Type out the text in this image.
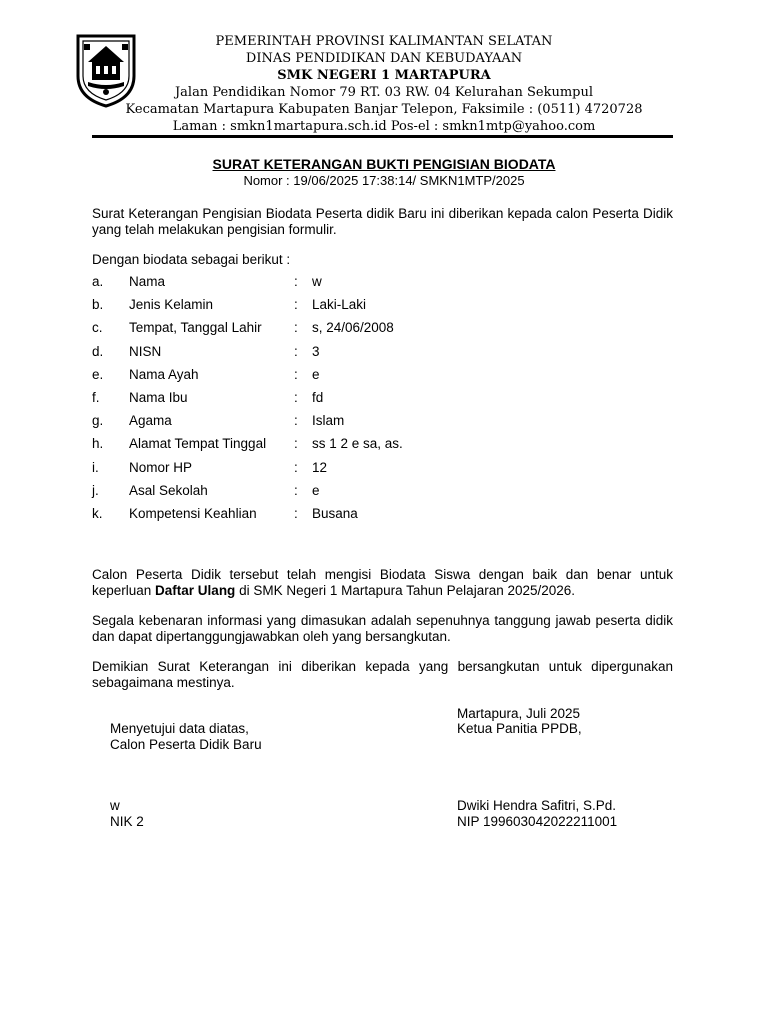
PEMERINTAH PROVINSI KALIMANTAN SELATAN
DINAS PENDIDIKAN DAN KEBUDAYAAN
SMK NEGERI 1 MARTAPURA
Jalan Pendidikan Nomor 79 RT. 03 RW. 04 Kelurahan Sekumpul
Kecamatan Martapura Kabupaten Banjar Telepon, Faksimile : (0511) 4720728
Laman : smkn1martapura.sch.id Pos-el : smkn1mtp@yahoo.com
SURAT KETERANGAN BUKTI PENGISIAN BIODATA
Nomor : 19/06/2025 17:38:14/ SMKN1MTP/2025
Surat Keterangan Pengisian Biodata Peserta didik Baru ini diberikan kepada calon Peserta Didik yang telah melakukan pengisian formulir.
Dengan biodata sebagai berikut :
a. Nama	: w
b. Jenis Kelamin	: Laki-Laki
c. Tempat, Tanggal Lahir : s, 24/06/2008
d. NISN	: 3
e. Nama Ayah	: e
f. Nama Ibu	: fd
g. Agama	: Islam
h. Alamat Tempat Tinggal : ss 1 2 e sa, as.
i. Nomor HP	: 12
j. Asal Sekolah	: e
k. Kompetensi Keahlian	: Busana
Calon Peserta Didik tersebut telah mengisi Biodata Siswa dengan baik dan benar untuk keperluan Daftar Ulang di SMK Negeri 1 Martapura Tahun Pelajaran 2025/2026.
Segala kebenaran informasi yang dimasukan adalah sepenuhnya tanggung jawab peserta didik dan dapat dipertanggungjawabkan oleh yang bersangkutan.
Demikian Surat Keterangan ini diberikan kepada yang bersangkutan untuk dipergunakan sebagaimana mestinya.
Martapura, Juli 2025
Menyetujui data diatas,	Ketua Panitia PPDB,
Calon Peserta Didik Baru
w	Dwiki Hendra Safitri, S.Pd.
NIK 2	NIP 199603042022211001
